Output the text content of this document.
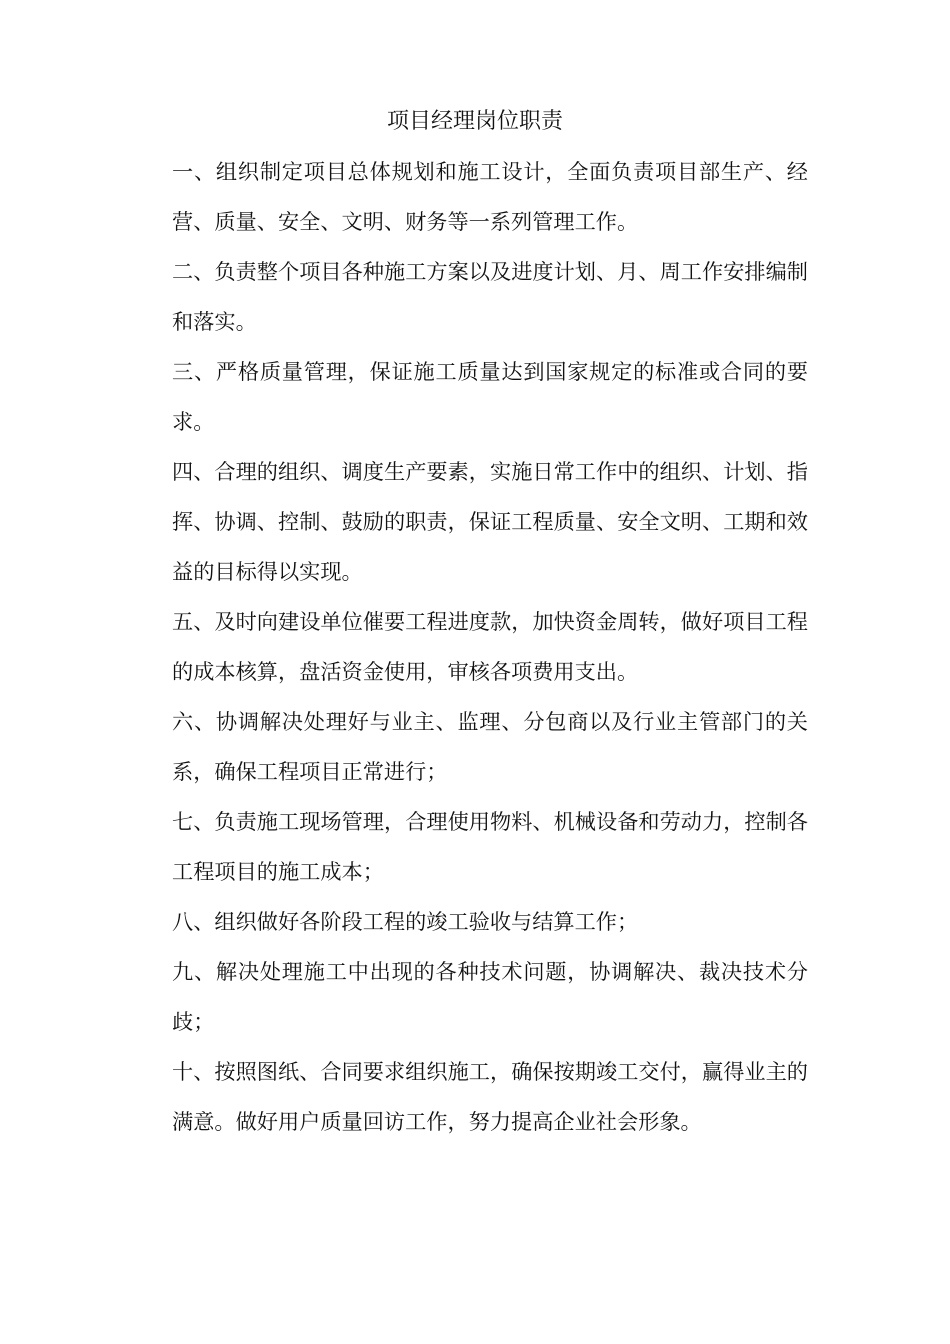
项目经理岗位职责

一、组织制定项目总体规划和施工设计，全面负责项目部生产、经营、质量、安全、文明、财务等一系列管理工作。

二、负责整个项目各种施工方案以及进度计划、月、周工作安排编制和落实。

三、严格质量管理，保证施工质量达到国家规定的标准或合同的要求。

四、合理的组织、调度生产要素，实施日常工作中的组织、计划、指挥、协调、控制、鼓励的职责，保证工程质量、安全文明、工期和效益的目标得以实现。

五、及时向建设单位催要工程进度款，加快资金周转，做好项目工程的成本核算，盘活资金使用，审核各项费用支出。

六、协调解决处理好与业主、监理、分包商以及行业主管部门的关系，确保工程项目正常进行；

七、负责施工现场管理，合理使用物料、机械设备和劳动力，控制各工程项目的施工成本；

八、组织做好各阶段工程的竣工验收与结算工作；

九、解决处理施工中出现的各种技术问题，协调解决、裁决技术分歧；

十、按照图纸、合同要求组织施工，确保按期竣工交付，赢得业主的满意。做好用户质量回访工作，努力提高企业社会形象。
